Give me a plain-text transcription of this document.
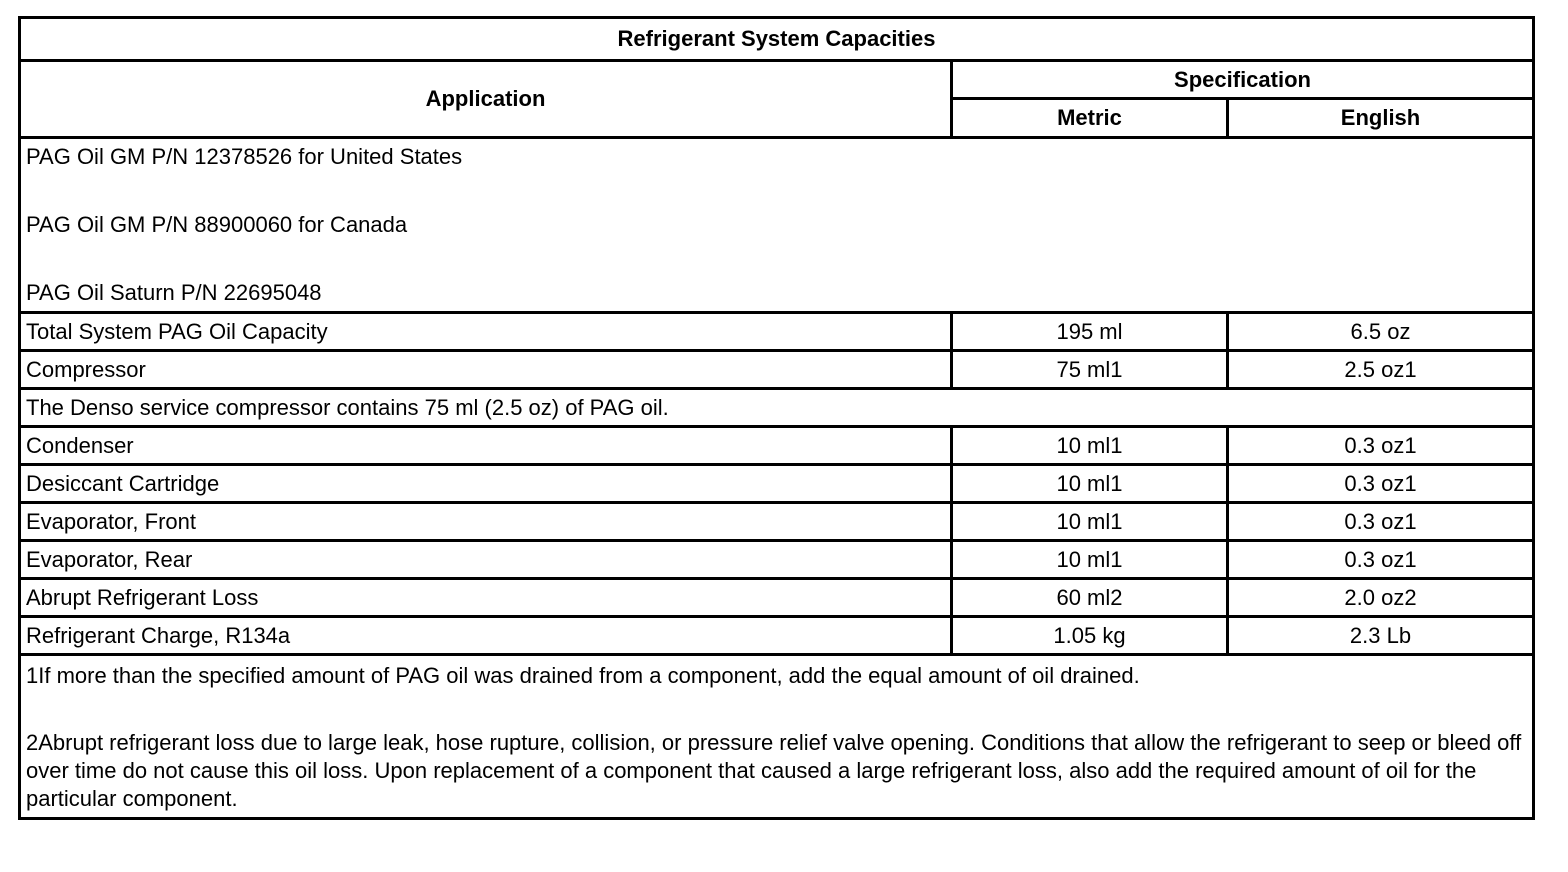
Refrigerant System Capacities		
Application	Specification	
	Metric	English

PAG Oil GM P/N 12378526 for United States
PAG Oil GM P/N 88900060 for Canada
PAG Oil Saturn P/N 22695048		

Total System PAG Oil Capacity	195 ml	6.5 oz
Compressor	75 ml1	2.5 oz1
The Denso service compressor contains 75 ml (2.5 oz) of PAG oil.		
Condenser	10 ml1	0.3 oz1
Desiccant Cartridge	10 ml1	0.3 oz1
Evaporator, Front	10 ml1	0.3 oz1
Evaporator, Rear	10 ml1	0.3 oz1
Abrupt Refrigerant Loss	60 ml2	2.0 oz2
Refrigerant Charge, R134a	1.05 kg	2.3 Lb

1If more than the specified amount of PAG oil was drained from a component, add the equal amount of oil drained.
2Abrupt refrigerant loss due to large leak, hose rupture, collision, or pressure relief valve opening. Conditions that allow the refrigerant to seep or bleed off over time do not cause this oil loss. Upon replacement of a component that caused a large refrigerant loss, also add the required amount of oil for the particular component.		
